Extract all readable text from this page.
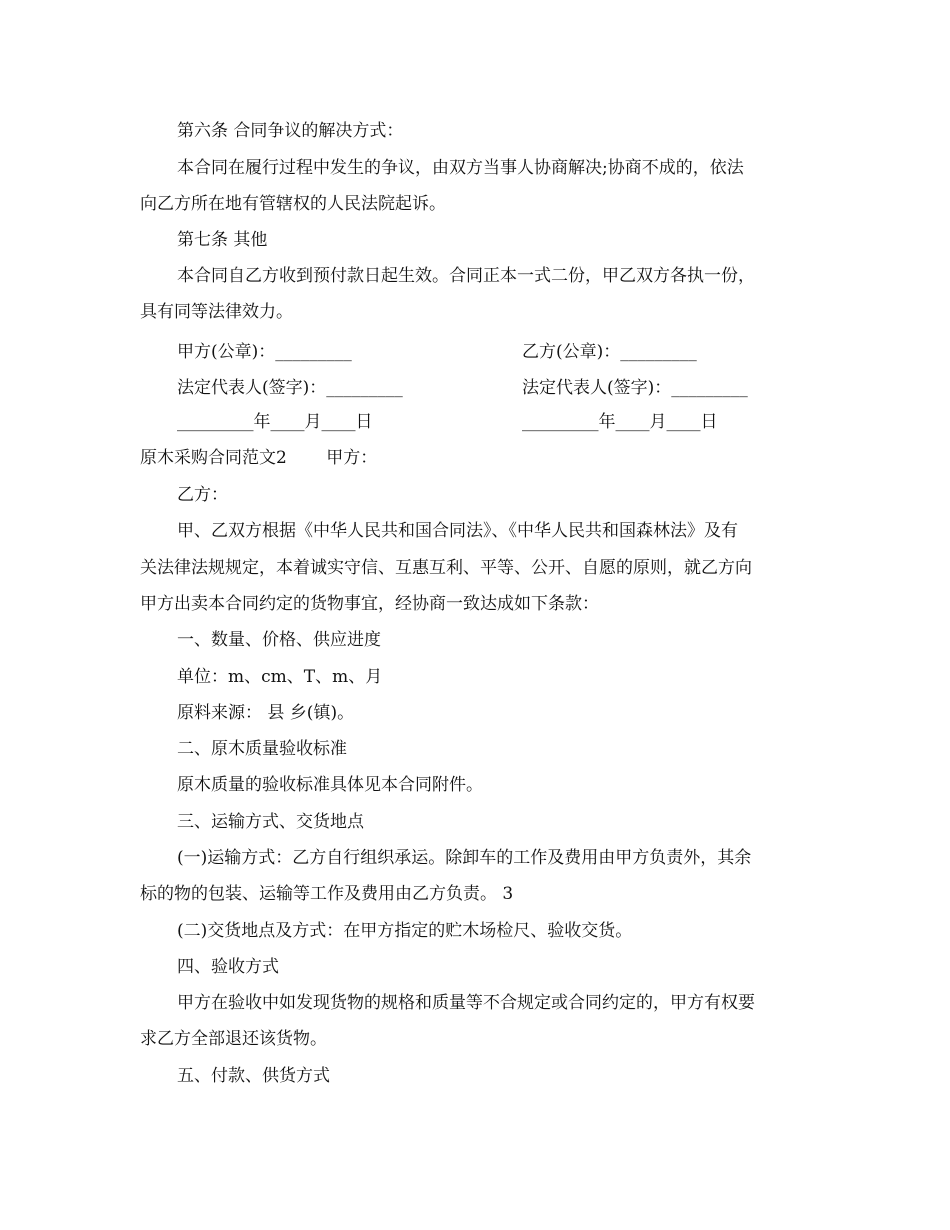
第六条 合同争议的解决方式：
本合同在履行过程中发生的争议，由双方当事人协商解决;协商不成的，依法
向乙方所在地有管辖权的人民法院起诉。
第七条 其他
本合同自乙方收到预付款日起生效。合同正本一式二份，甲乙双方各执一份，
具有同等法律效力。
甲方(公章)：_________	乙方(公章)：_________
法定代表人(签字)：_________	法定代表人(签字)：_________
_________年____月____日	_________年____月____日
原木采购合同范文2　　 甲方：
乙方：
甲、乙双方根据《中华人民共和国合同法》、《中华人民共和国森林法》及有
关法律法规规定，本着诚实守信、互惠互利、平等、公开、自愿的原则，就乙方向
甲方出卖本合同约定的货物事宜，经协商一致达成如下条款：
一、数量、价格、供应进度
单位：m、cm、T、m、月
原料来源： 县 乡(镇)。
二、原木质量验收标准
原木质量的验收标准具体见本合同附件。
三、运输方式、交货地点
(一)运输方式：乙方自行组织承运。除卸车的工作及费用由甲方负责外，其余
标的物的包装、运输等工作及费用由乙方负责。 3
(二)交货地点及方式：在甲方指定的贮木场检尺、验收交货。
四、验收方式
甲方在验收中如发现货物的规格和质量等不合规定或合同约定的，甲方有权要
求乙方全部退还该货物。
五、付款、供货方式
